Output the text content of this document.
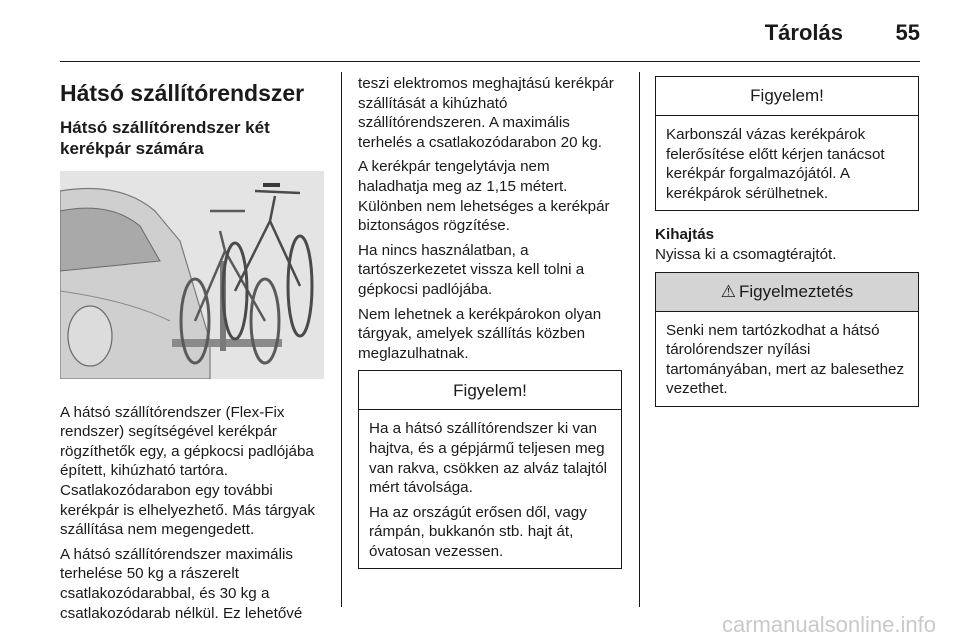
Tárolás 55
Hátsó szállítórendszer
Hátsó szállítórendszer két
kerékpár számára

A hátsó szállítórendszer (Flex-Fix rendszer) segítségével kerékpár rögzíthetők egy, a gépkocsi padlójába épített, kihúzható tartóra. Csatlakozódarabon egy további kerékpár is elhelyezhető. Más tárgyak szállítása nem megengedett.

A hátsó szállítórendszer maximális terhelése 50 kg a rászerelt csatlakozódarabbal, és 30 kg a csatlakozódarab nélkül. Ez lehetővé

teszi elektromos meghajtású kerékpár szállítását a kihúzható szállítórendszeren. A maximális terhelés a csatlakozódarabon 20 kg.

A kerékpár tengelytávja nem haladhatja meg az 1,15 métert. Különben nem lehetséges a kerékpár biztonságos rögzítése.

Ha nincs használatban, a tartószerkezetet vissza kell tolni a gépkocsi padlójába.

Nem lehetnek a kerékpárokon olyan tárgyak, amelyek szállítás közben meglazulhatnak.

Figyelem!

Ha a hátsó szállítórendszer ki van hajtva, és a gépjármű teljesen meg van rakva, csökken az alváz talajtól mért távolsága.

Ha az országút erősen dől, vagy rámpán, bukkanón stb. hajt át, óvatosan vezessen.

Figyelem!

Karbonszál vázas kerékpárok felerősítése előtt kérjen tanácsot kerékpár forgalmazójától. A kerékpárok sérülhetnek.

Kihajtás
Nyissa ki a csomagtérajtót.
⚠ Figyelmeztetés

Senki nem tartózkodhat a hátsó tárolórendszer nyílási tartományában, mert az balesethez vezethet.

carmanualsonline.info
